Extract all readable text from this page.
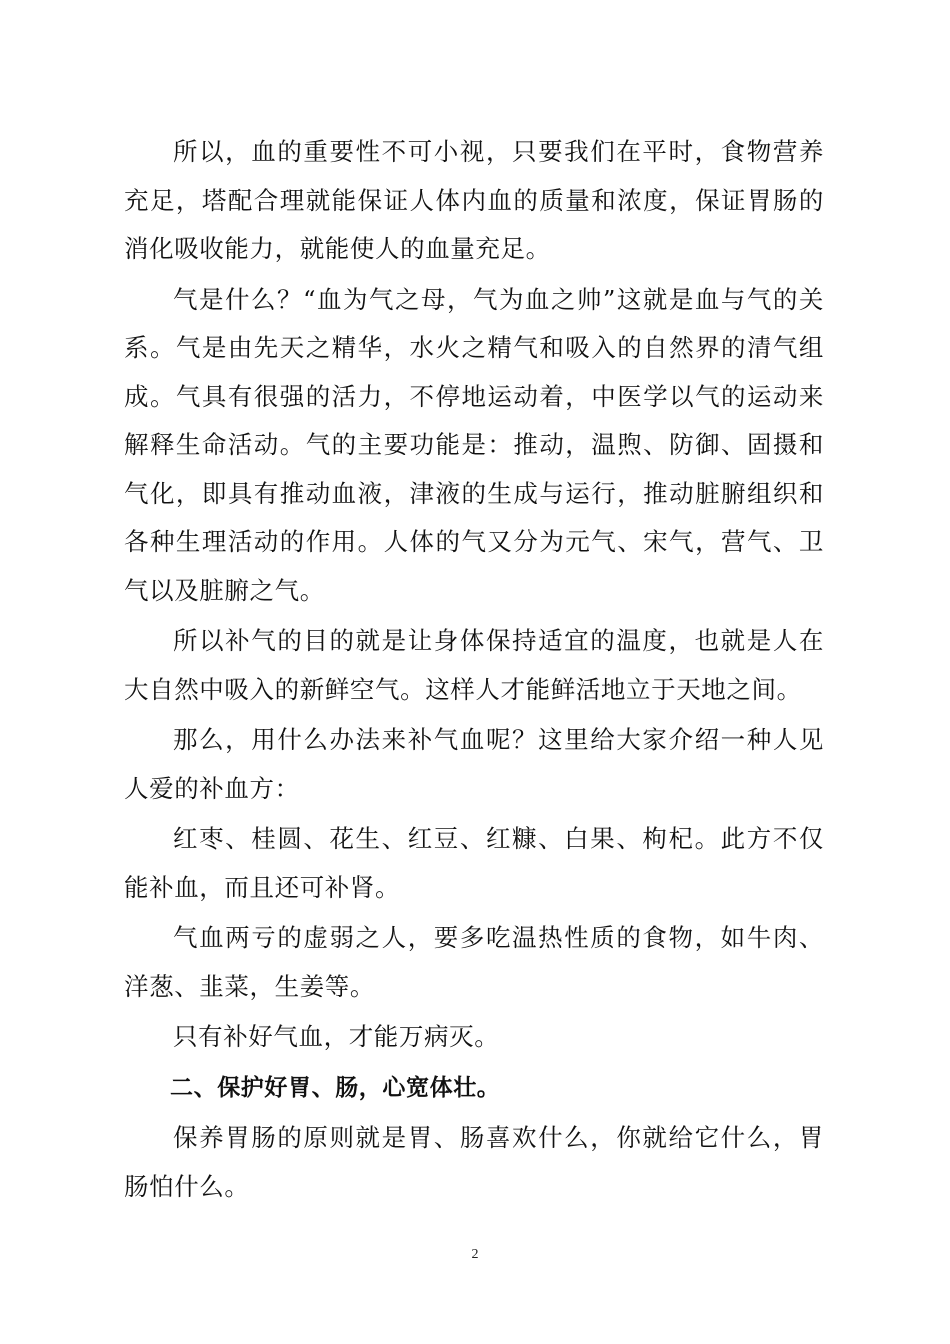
所以，血的重要性不可小视，只要我们在平时，食物营养充足，塔配合理就能保证人体内血的质量和浓度，保证胃肠的消化吸收能力，就能使人的血量充足。

气是什么？“血为气之母，气为血之帅”这就是血与气的关系。气是由先天之精华，水火之精气和吸入的自然界的清气组成。气具有很强的活力，不停地运动着，中医学以气的运动来解释生命活动。气的主要功能是：推动，温煦、防御、固摄和气化，即具有推动血液，津液的生成与运行，推动脏腑组织和各种生理活动的作用。人体的气又分为元气、宋气，营气、卫气以及脏腑之气。

所以补气的目的就是让身体保持适宜的温度，也就是人在大自然中吸入的新鲜空气。这样人才能鲜活地立于天地之间。

那么，用什么办法来补气血呢？这里给大家介绍一种人见人爱的补血方：

红枣、桂圆、花生、红豆、红糠、白果、枸杞。此方不仅能补血，而且还可补肾。

气血两亏的虚弱之人，要多吃温热性质的食物，如牛肉、洋葱、韭菜，生姜等。

只有补好气血，才能万病灭。

二、保护好胃、肠，心宽体壮。

保养胃肠的原则就是胃、肠喜欢什么，你就给它什么，胃肠怕什么。

2
